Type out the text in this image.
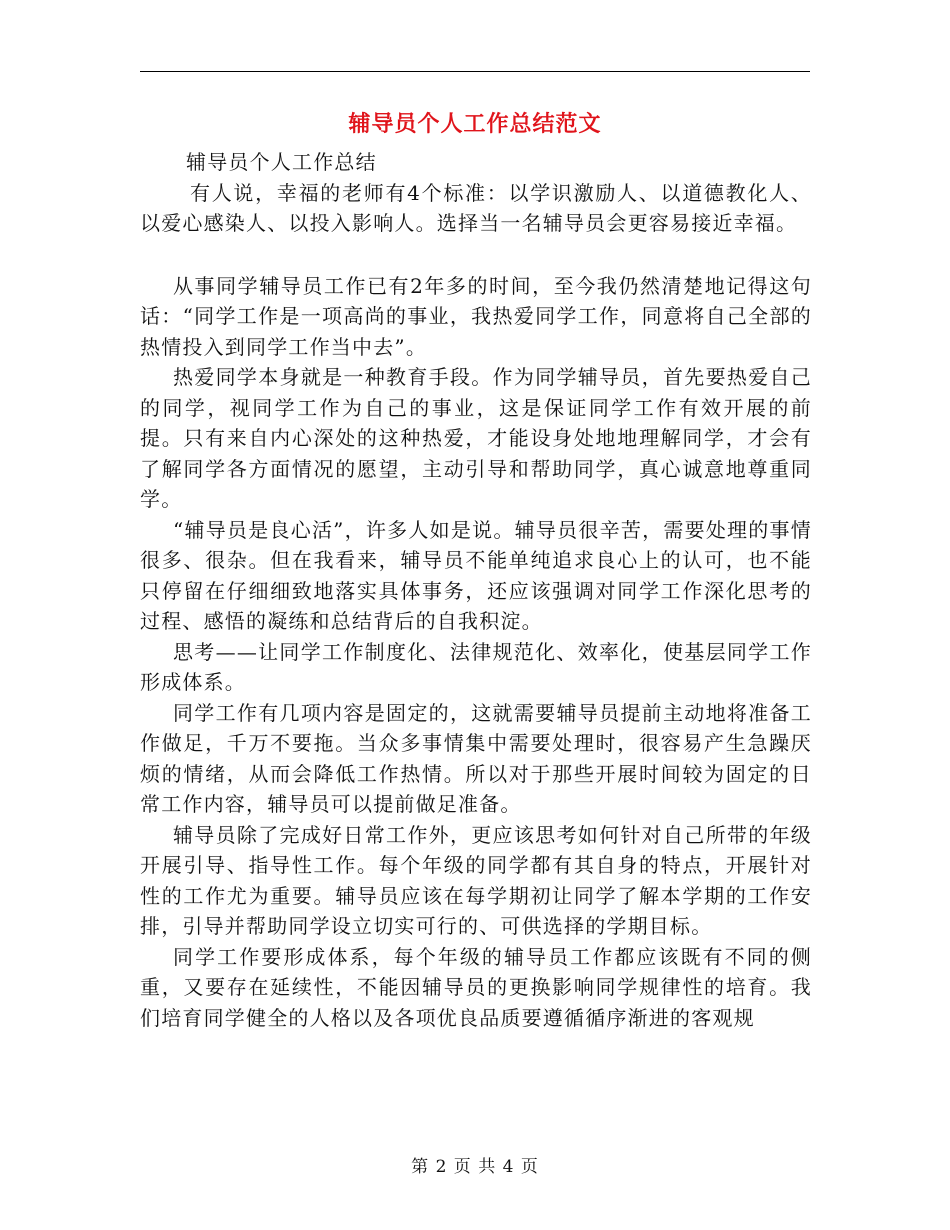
辅导员个人工作总结范文

辅导员个人工作总结

有人说，幸福的老师有4个标准：以学识激励人、以道德教化人、以爱心感染人、以投入影响人。选择当一名辅导员会更容易接近幸福。

从事同学辅导员工作已有2年多的时间，至今我仍然清楚地记得这句话：“同学工作是一项高尚的事业，我热爱同学工作，同意将自己全部的热情投入到同学工作当中去”。

热爱同学本身就是一种教育手段。作为同学辅导员，首先要热爱自己的同学，视同学工作为自己的事业，这是保证同学工作有效开展的前提。只有来自内心深处的这种热爱，才能设身处地地理解同学，才会有了解同学各方面情况的愿望，主动引导和帮助同学，真心诚意地尊重同学。

“辅导员是良心活”，许多人如是说。辅导员很辛苦，需要处理的事情很多、很杂。但在我看来，辅导员不能单纯追求良心上的认可，也不能只停留在仔细细致地落实具体事务，还应该强调对同学工作深化思考的过程、感悟的凝练和总结背后的自我积淀。

思考——让同学工作制度化、法律规范化、效率化，使基层同学工作形成体系。

同学工作有几项内容是固定的，这就需要辅导员提前主动地将准备工作做足，千万不要拖。当众多事情集中需要处理时，很容易产生急躁厌烦的情绪，从而会降低工作热情。所以对于那些开展时间较为固定的日常工作内容，辅导员可以提前做足准备。

辅导员除了完成好日常工作外，更应该思考如何针对自己所带的年级开展引导、指导性工作。每个年级的同学都有其自身的特点，开展针对性的工作尤为重要。辅导员应该在每学期初让同学了解本学期的工作安排，引导并帮助同学设立切实可行的、可供选择的学期目标。

同学工作要形成体系，每个年级的辅导员工作都应该既有不同的侧重，又要存在延续性，不能因辅导员的更换影响同学规律性的培育。我们培育同学健全的人格以及各项优良品质要遵循循序渐进的客观规

第 2 页 共 4 页
